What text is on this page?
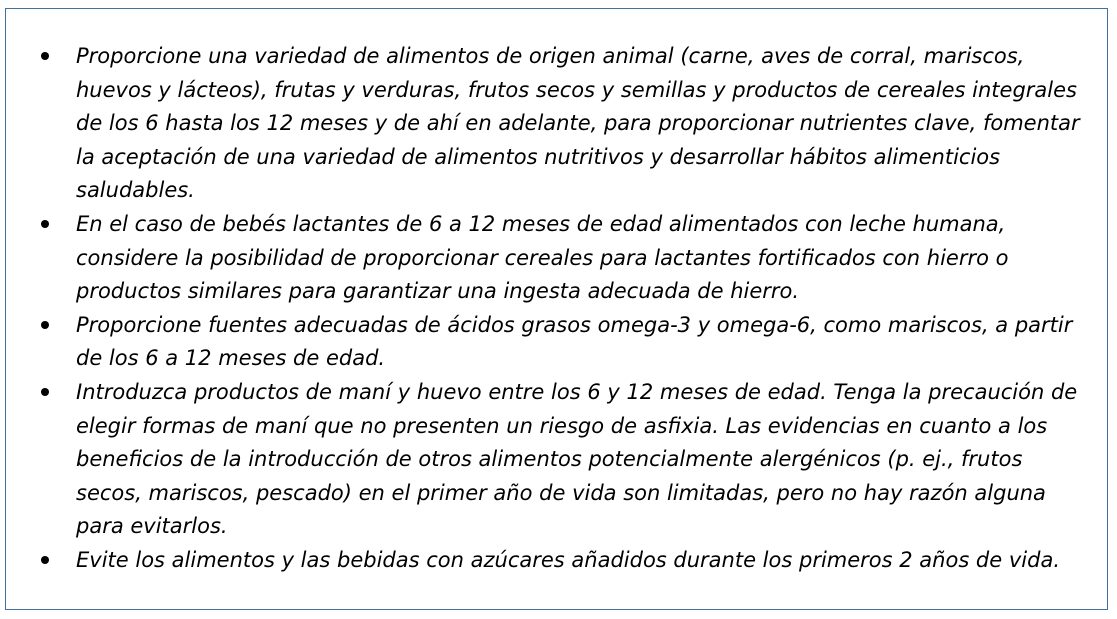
Proporcione una variedad de alimentos de origen animal (carne, aves de corral, mariscos, huevos y lácteos), frutas y verduras, frutos secos y semillas y productos de cereales integrales de los 6 hasta los 12 meses y de ahí en adelante, para proporcionar nutrientes clave, fomentar la aceptación de una variedad de alimentos nutritivos y desarrollar hábitos alimenticios saludables.
En el caso de bebés lactantes de 6 a 12 meses de edad alimentados con leche humana, considere la posibilidad de proporcionar cereales para lactantes fortificados con hierro o productos similares para garantizar una ingesta adecuada de hierro.
Proporcione fuentes adecuadas de ácidos grasos omega-3 y omega-6, como mariscos, a partir de los 6 a 12 meses de edad.
Introduzca productos de maní y huevo entre los 6 y 12 meses de edad. Tenga la precaución de elegir formas de maní que no presenten un riesgo de asfixia. Las evidencias en cuanto a los beneficios de la introducción de otros alimentos potencialmente alergénicos (p. ej., frutos secos, mariscos, pescado) en el primer año de vida son limitadas, pero no hay razón alguna para evitarlos.
Evite los alimentos y las bebidas con azúcares añadidos durante los primeros 2 años de vida.
